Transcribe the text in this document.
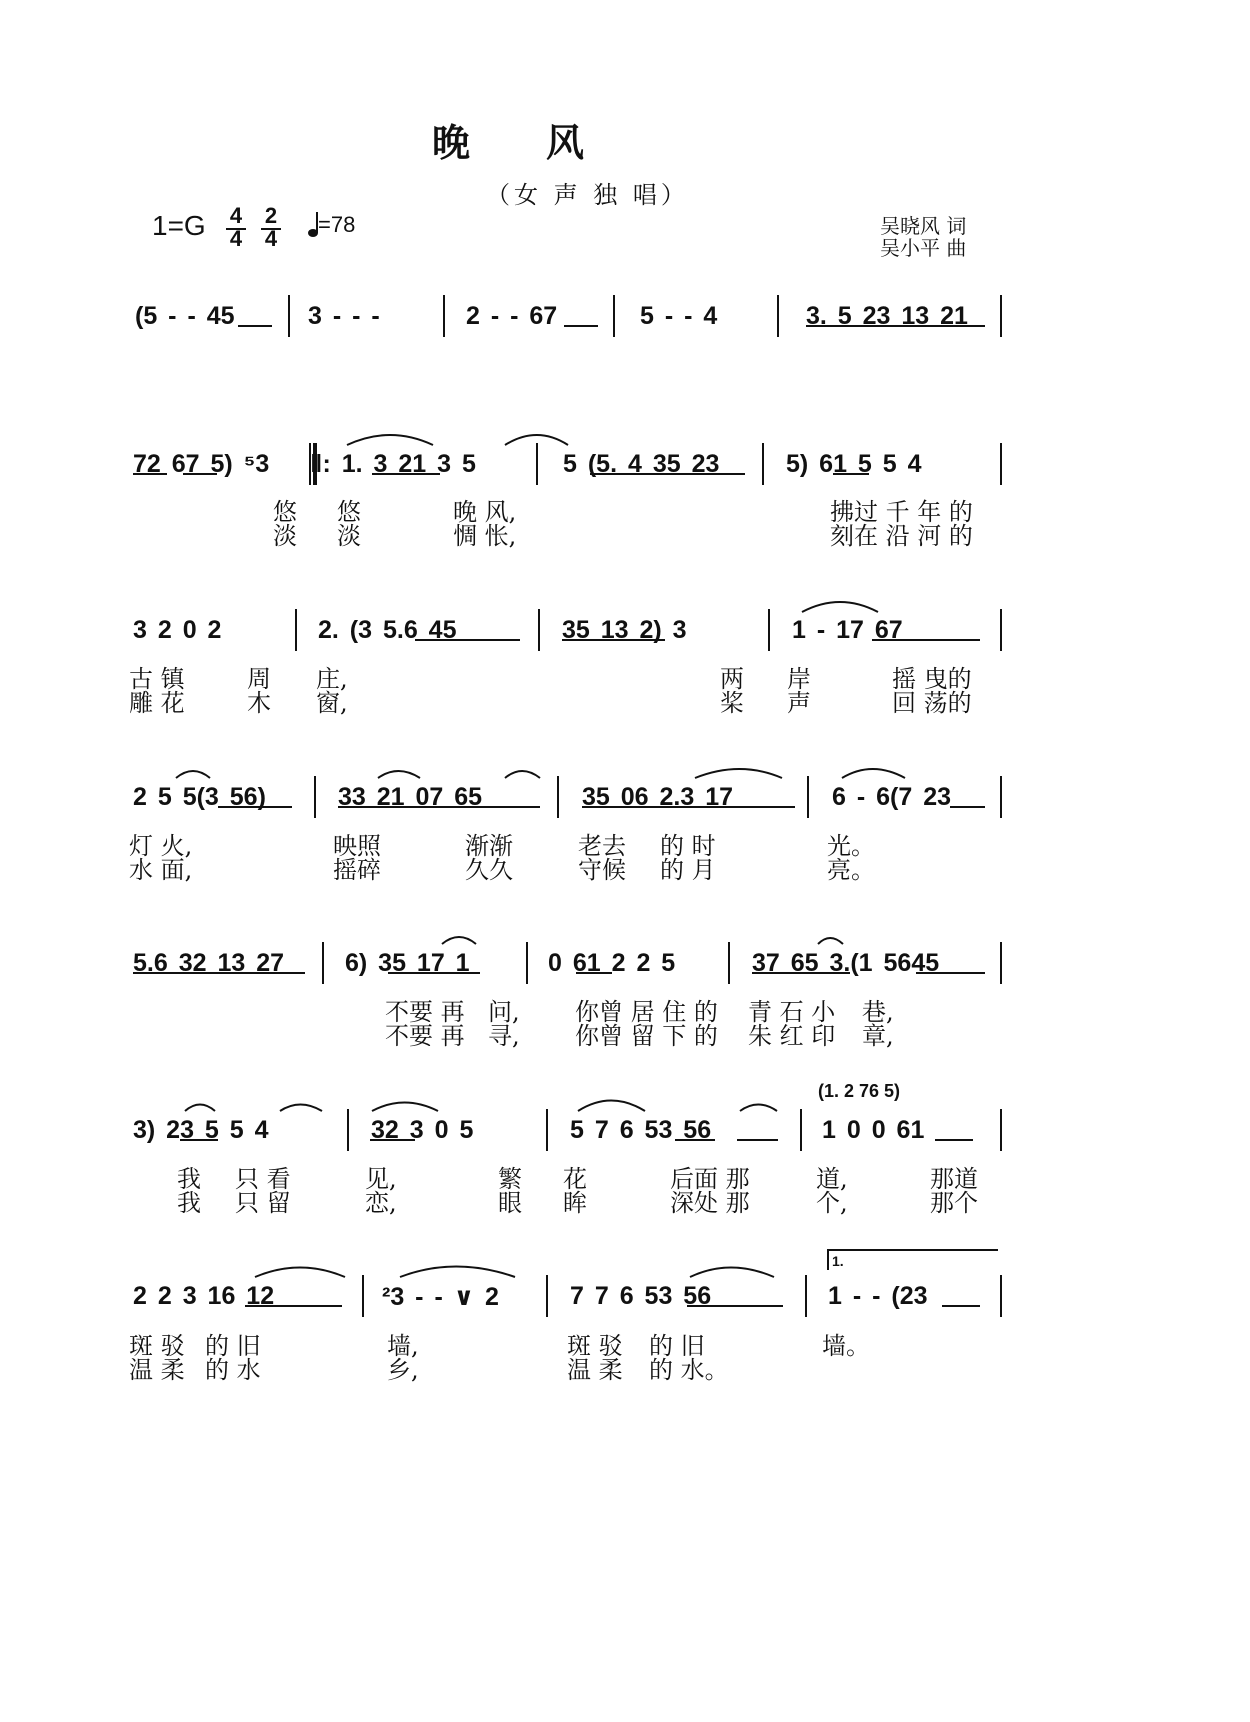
晚　　风
（女 声 独 唱）
1=G 4
4
2
4
=78	吴晓风 词
吴小平 曲
(5 - - 45	3 - - -	2 - - 67	5 - - 4	3. 5 23 13 21
72 67 5) ⁵3 ‖: 1. 3 21 3 5	5 (5. 4 35 23	5) 61 5 5 4
悠 悠	晚 风,	拂过 千 年 的
淡 淡	惆 怅,	刻在 沿 河 的
3 2 0 2	2. (3 5.6 45	35 13 2) 3	1 - 17 67
古 镇	周 庄,	两 岸	摇 曳的
雕 花	木 窗,	桨 声	回 荡的
2 5 5(3 56)	33 21 07 65	35 06 2.3 17	6 - 6(7 23
灯 火,	映照	渐渐	老去 的 时	光。
水 面,	摇碎	久久	守候 的 月	亮。
5.6 32 13 27 6) 35 17 1	0 61 2 2 5	37 65 3.(1 5645
不要 再 问, 你曾 居 住 的 青 石 小 巷,
不要 再 寻, 你曾 留 下 的 朱 红 印 章,
(1. 2 76 5)
3) 23 5 5 4	32 3 0 5	5 7 6 53 56	1 0 0 61
我 只 看	见,	繁 花	后面 那	道,	那道
我 只 留	恋,	眼 眸	深处 那	个,	那个
1.
2 2 3 16 12	²3 - - ∨ 2	7 7 6 53 56	1 - - (23
斑 驳 的 旧	墙,	斑 驳 的 旧	墙。
温 柔 的 水	乡,	温 柔 的 水。
